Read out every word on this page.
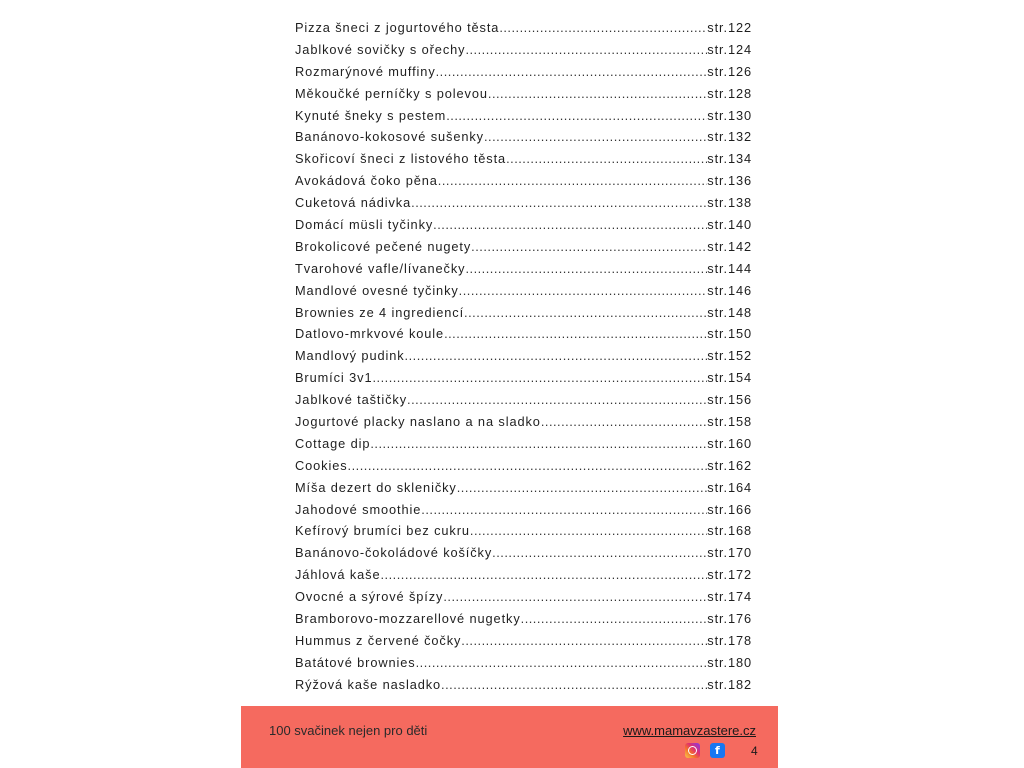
Pizza šneci z jogurtového těsta .....	str.122
Jablkové sovičky s ořechy .....	str.124
Rozmarýnové muffiny .....	str.126
Měkoučké perníčky s polevou .....	str.128
Kynuté šneky s pestem .....	str.130
Banánovo-kokosové sušenky .....	str.132
Skořicoví šneci z listového těsta .....	str.134
Avokádová čoko pěna .....	str.136
Cuketová nádivka .....	str.138
Domácí müsli tyčinky .....	str.140
Brokolicové pečené nugety .....	str.142
Tvarohové vafle/lívanečky .....	str.144
Mandlové ovesné tyčinky .....	str.146
Brownies ze 4 ingrediencí .....	str.148
Datlovo-mrkvové koule .....	str.150
Mandlový pudink .....	str.152
Brumíci 3v1 .....	str.154
Jablkové taštičky .....	str.156
Jogurtové placky naslano a na sladko .....	str.158
Cottage dip .....	str.160
Cookies .....	str.162
Míša dezert do skleničky .....	str.164
Jahodové smoothie .....	str.166
Kefírový brumíci bez cukru .....	str.168
Banánovo-čokoládové košíčky .....	str.170
Jáhlová kaše .....	str.172
Ovocné a sýrové špízy .....	str.174
Bramborovo-mozzarellové nugetky .....	str.176
Hummus z červené čočky .....	str.178
Batátové brownies .....	str.180
Rýžová kaše nasladko .....	str.182
100 svačinek nejen pro děti	www.mamavzastere.cz
f
4
